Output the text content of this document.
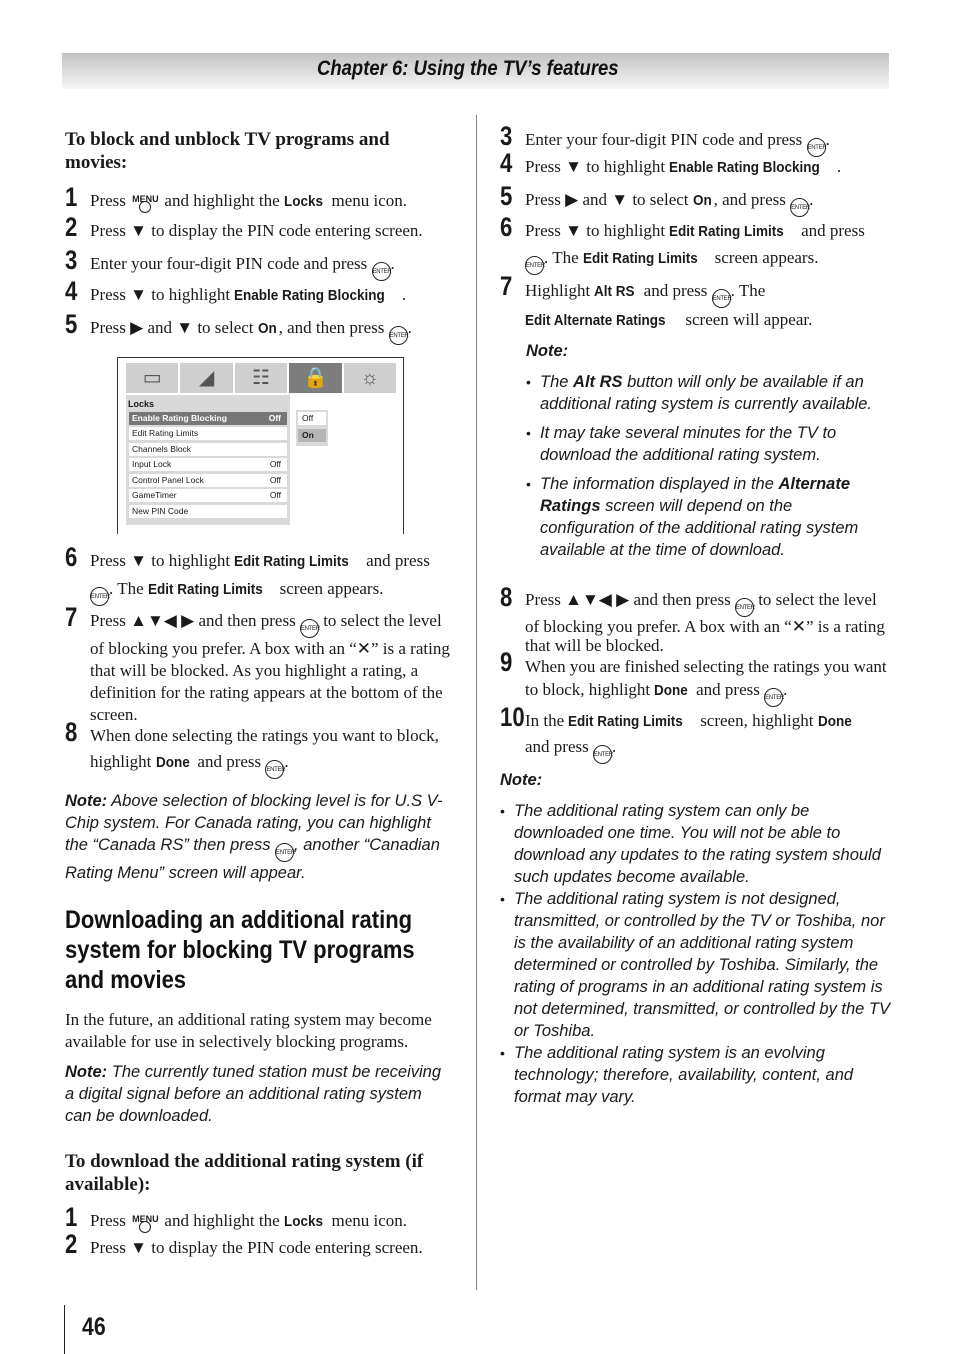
Chapter 6: Using the TV’s features
To block and unblock TV programs and movies:
1 Press MENU and highlight the Locks menu icon.
2 Press ▼ to display the PIN code entering screen.
3 Enter your four-digit PIN code and press ENTER.
4 Press ▼ to highlight Enable Rating Blocking .
5 Press ▶ and ▼ to select On , and then press ENTER.
▭	◢	☷	🔒	☼
Locks
Enable Rating Blocking	Off
Edit Rating Limits
Channels Block
Input Lock	Off
Control Panel Lock	Off
GameTimer	Off
New PIN Code
Off
On
6 Press ▼ to highlight Edit Rating Limits and press
ENTER. The Edit Rating Limits screen appears.
7 Press ▲▼◀ ▶ and then press ENTER to select the level of blocking you prefer. A box with an “✕” is a rating that will be blocked. As you highlight a rating, a definition for the rating appears at the bottom of the screen.
8 When done selecting the ratings you want to block, highlight Done and press ENTER.
Note: Above selection of blocking level is for U.S V-Chip system. For Canada rating, you can highlight the “Canada RS” then press ENTER, another “Canadian Rating Menu” screen will appear.
Downloading an additional rating system for blocking TV programs and movies
In the future, an additional rating system may become available for use in selectively blocking programs.
Note: The currently tuned station must be receiving a digital signal before an additional rating system can be downloaded.
To download the additional rating system (if available):
1 Press MENU and highlight the Locks menu icon.
2 Press ▼ to display the PIN code entering screen.
3 Enter your four-digit PIN code and press ENTER.
4 Press ▼ to highlight Enable Rating Blocking .
5 Press ▶ and ▼ to select On , and press ENTER.
6 Press ▼ to highlight Edit Rating Limits and press
ENTER. The Edit Rating Limits screen appears.
7 Highlight Alt RS and press ENTER. The Edit Alternate Ratings screen will appear.
Note:
• The Alt RS button will only be available if an additional rating system is currently available.
• It may take several minutes for the TV to download the additional rating system.
• The information displayed in the Alternate Ratings screen will depend on the configuration of the additional rating system available at the time of download.
8 Press ▲▼◀ ▶ and then press ENTER to select the level of blocking you prefer. A box with an “✕” is a rating that will be blocked.
9 When you are finished selecting the ratings you want to block, highlight Done and press ENTER.
10 In the Edit Rating Limits screen, highlight Done
and press ENTER.
Note:
• The additional rating system can only be downloaded one time. You will not be able to download any updates to the rating system should such updates become available.
• The additional rating system is not designed, transmitted, or controlled by the TV or Toshiba, nor is the availability of an additional rating system determined or controlled by Toshiba. Similarly, the rating of programs in an additional rating system is not determined, transmitted, or controlled by the TV or Toshiba.
• The additional rating system is an evolving technology; therefore, availability, content, and format may vary.
46
